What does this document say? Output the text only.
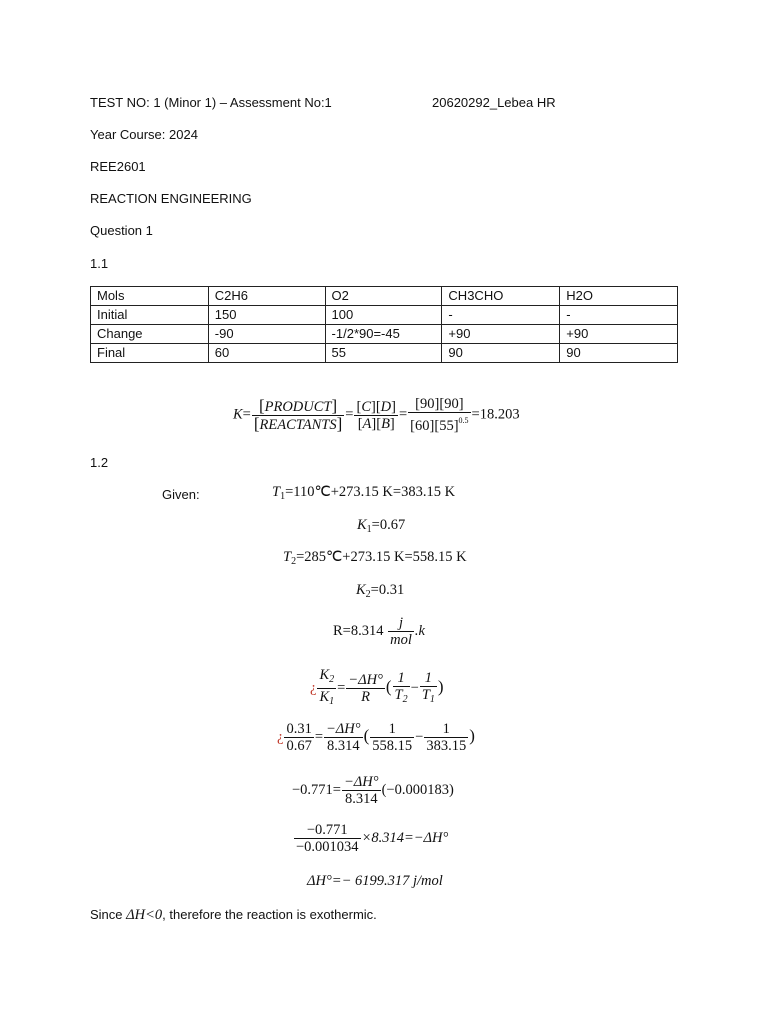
TEST NO: 1 (Minor 1) – Assessment No:1	20620292_Lebea HR
Year Course: 2024
REE2601
REACTION ENGINEERING
Question 1
1.1
Mols	C2H6	O2	CH3CHO	H2O
Initial	150	100	-	-
Change	-90	-1/2*90=-45	+90	+90
Final	60	55	90	90
$K= \frac{\text{[PRODUCT]}}{\text{[REACTANTS]}} = \frac{[C][D]}{[A][B]} = \frac{[90][90]}{[60][55]^{0.5}} =18.203$
1.2
Given:	$T_1=110℃+273.15$ K=383.15 K
$K_1=0.67$
$T_2=285℃+273.15$ K=558.15 K
$K_2=0.31$
$R=8.314 \frac{j}{\text{mol}} .k$
¿ $\frac{K_2}{K_1} = \frac{-\Delta H^\circ}{R}$ ( $\frac{1}{T_2} - \frac{1}{T_1}$ )
¿ $\frac{0.31}{0.67} = \frac{-\Delta H^\circ}{8.314}$ ( $\frac{1}{558.15} - \frac{1}{383.15}$ )
$-0.771= \frac{-\Delta H^\circ}{8.314} (-0.000183)$
$\frac{-0.771}{-0.001034} \times 8.314=-\Delta H^\circ$
ΔH°=− 6199.317 j/mol
Since ΔH<0, therefore the reaction is exothermic.
